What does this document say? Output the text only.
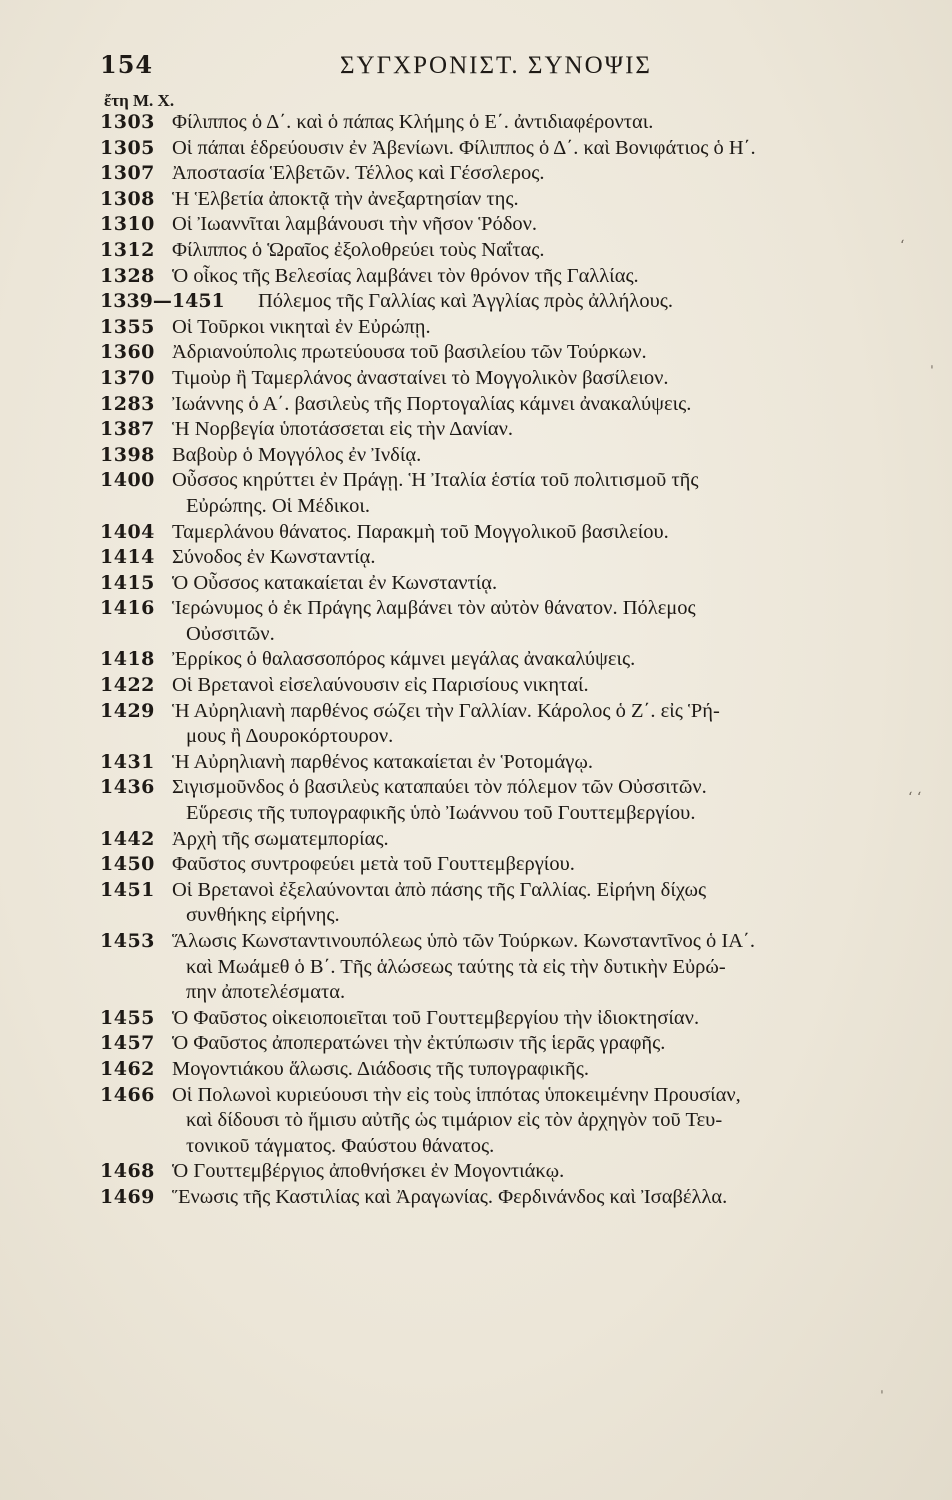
154	ΣΥΓΧΡΟΝΙΣΤ. ΣΥΝΟΨΙΣ
ἔτη Μ. Χ.
1303 Φίλιππος ὁ Δ΄. καὶ ὁ πάπας Κλήμης ὁ Ε΄. ἀντιδιαφέρονται.
1305 Οἱ πάπαι ἑδρεύουσιν ἐν Ἀβενίωνι. Φίλιππος ὁ Δ΄. καὶ Βονιφάτιος ὁ Η΄.
1307 Ἀποστασία Ἑλβετῶν. Τέλλος καὶ Γέσσλερος.
1308 Ἡ Ἑλβετία ἀποκτᾷ τὴν ἀνεξαρτησίαν της.
1310 Οἱ Ἰωαννῖται λαμβάνουσι τὴν νῆσον Ῥόδον.
1312 Φίλιππος ὁ Ὡραῖος ἐξολοθρεύει τοὺς Ναΐτας.
1328 Ὁ οἶκος τῆς Βελεσίας λαμβάνει τὸν θρόνον τῆς Γαλλίας.
1339—1451 Πόλεμος τῆς Γαλλίας καὶ Ἀγγλίας πρὸς ἀλλήλους.
1355 Οἱ Τοῦρκοι νικηταὶ ἐν Εὐρώπῃ.
1360 Ἀδριανούπολις πρωτεύουσα τοῦ βασιλείου τῶν Τούρκων.
1370 Τιμοὺρ ἢ Ταμερλάνος ἀνασταίνει τὸ Μογγολικὸν βασίλειον.
1283 Ἰωάννης ὁ Α΄. βασιλεὺς τῆς Πορτογαλίας κάμνει ἀνακαλύψεις.
1387 Ἡ Νορβεγία ὑποτάσσεται εἰς τὴν Δανίαν.
1398 Βαβοὺρ ὁ Μογγόλος ἐν Ἰνδίᾳ.
1400 Οὖσσος κηρύττει ἐν Πράγῃ. Ἡ Ἰταλία ἑστία τοῦ πολιτισμοῦ τῆς
Εὐρώπης. Οἱ Μέδικοι.
1404 Ταμερλάνου θάνατος. Παρακμὴ τοῦ Μογγολικοῦ βασιλείου.
1414 Σύνοδος ἐν Κωνσταντίᾳ.
1415 Ὁ Οὖσσος κατακαίεται ἐν Κωνσταντίᾳ.
1416 Ἱερώνυμος ὁ ἐκ Πράγης λαμβάνει τὸν αὐτὸν θάνατον. Πόλεμος
Οὐσσιτῶν.
1418 Ἐρρίκος ὁ θαλασσοπόρος κάμνει μεγάλας ἀνακαλύψεις.
1422 Οἱ Βρετανοὶ εἰσελαύνουσιν εἰς Παρισίους νικηταί.
1429 Ἡ Αὐρηλιανὴ παρθένος σώζει τὴν Γαλλίαν. Κάρολος ὁ Ζ΄. εἰς Ῥή-
μους ἢ Δουροκόρτουρον.
1431 Ἡ Αὐρηλιανὴ παρθένος κατακαίεται ἐν Ῥοτομάγῳ.
1436 Σιγισμοῦνδος ὁ βασιλεὺς καταπαύει τὸν πόλεμον τῶν Οὐσσιτῶν.
Εὕρεσις τῆς τυπογραφικῆς ὑπὸ Ἰωάννου τοῦ Γουττεμβεργίου.
1442 Ἀρχὴ τῆς σωματεμπορίας.
1450 Φαῦστος συντροφεύει μετὰ τοῦ Γουττεμβεργίου.
1451 Οἱ Βρετανοὶ ἐξελαύνονται ἀπὸ πάσης τῆς Γαλλίας. Εἰρήνη δίχως
συνθήκης εἰρήνης.
1453 Ἅλωσις Κωνσταντινουπόλεως ὑπὸ τῶν Τούρκων. Κωνσταντῖνος ὁ ΙΑ΄.
καὶ Μωάμεθ ὁ Β΄. Τῆς ἁλώσεως ταύτης τὰ εἰς τὴν δυτικὴν Εὐρώ-
πην ἀποτελέσματα.
1455 Ὁ Φαῦστος οἰκειοποιεῖται τοῦ Γουττεμβεργίου τὴν ἰδιοκτησίαν.
1457 Ὁ Φαῦστος ἀποπερατώνει τὴν ἐκτύπωσιν τῆς ἱερᾶς γραφῆς.
1462 Μογοντιάκου ἅλωσις. Διάδοσις τῆς τυπογραφικῆς.
1466 Οἱ Πολωνοὶ κυριεύουσι τὴν εἰς τοὺς ἱππότας ὑποκειμένην Προυσίαν,
καὶ δίδουσι τὸ ἥμισυ αὐτῆς ὡς τιμάριον εἰς τὸν ἀρχηγὸν τοῦ Τευ-
τονικοῦ τάγματος. Φαύστου θάνατος.
1468 Ὁ Γουττεμβέργιος ἀποθνήσκει ἐν Μογοντιάκῳ.
1469 Ἕνωσις τῆς Καστιλίας καὶ Ἀραγωνίας. Φερδινάνδος καὶ Ἰσαβέλλα.
‘
ˌ
‘ ‘
ˌ
